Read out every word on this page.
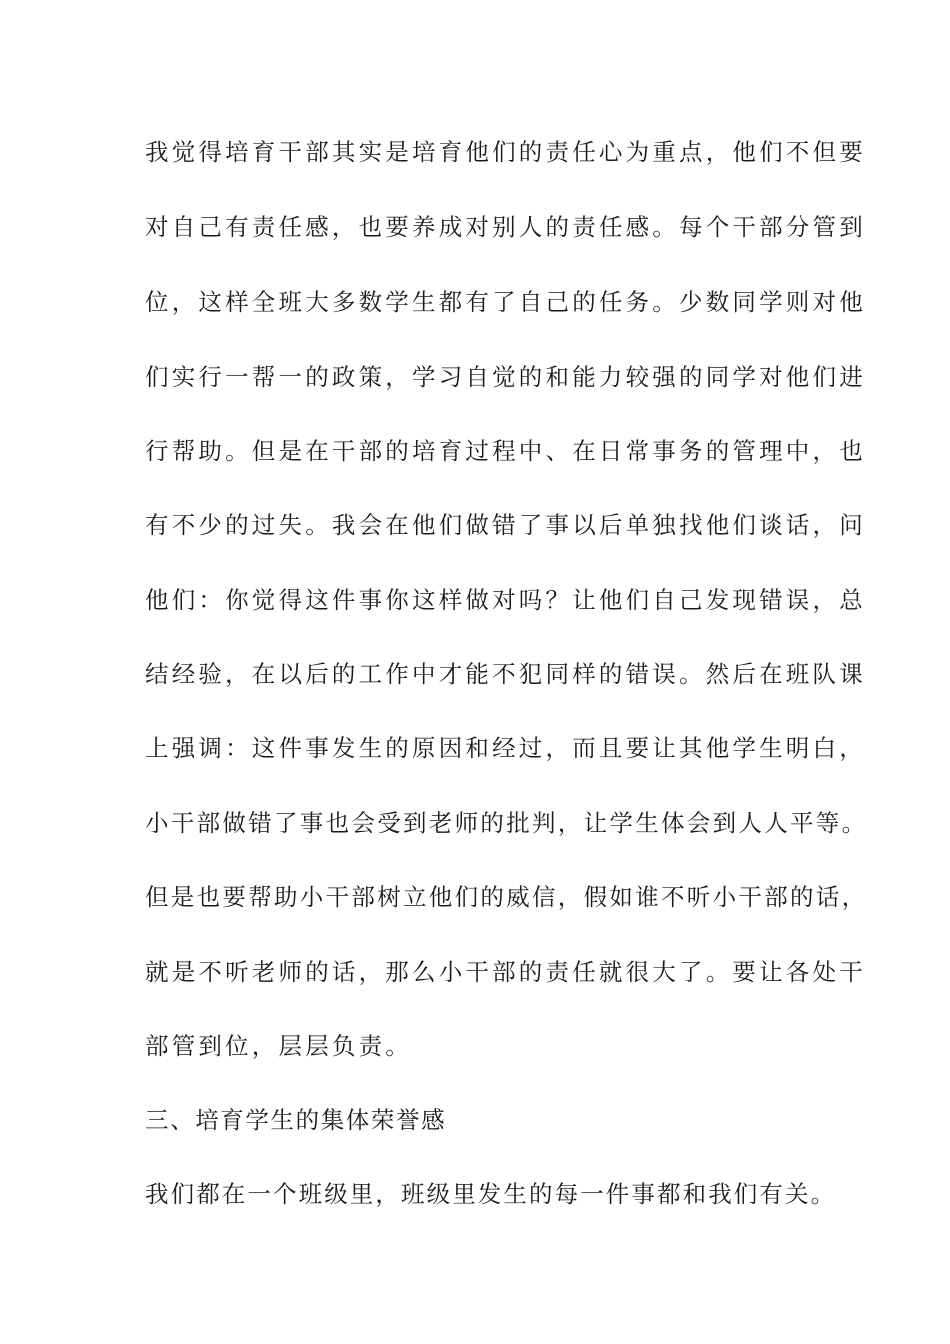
我觉得培育干部其实是培育他们的责任心为重点，他们不但要
对自己有责任感，也要养成对别人的责任感。每个干部分管到
位，这样全班大多数学生都有了自己的任务。少数同学则对他
们实行一帮一的政策，学习自觉的和能力较强的同学对他们进
行帮助。但是在干部的培育过程中、在日常事务的管理中，也
有不少的过失。我会在他们做错了事以后单独找他们谈话，问
他们：你觉得这件事你这样做对吗？让他们自己发现错误，总
结经验，在以后的工作中才能不犯同样的错误。然后在班队课
上强调：这件事发生的原因和经过，而且要让其他学生明白，
小干部做错了事也会受到老师的批判，让学生体会到人人平等。
但是也要帮助小干部树立他们的威信，假如谁不听小干部的话，
就是不听老师的话，那么小干部的责任就很大了。要让各处干
部管到位，层层负责。
三、培育学生的集体荣誉感
我们都在一个班级里，班级里发生的每一件事都和我们有关。
